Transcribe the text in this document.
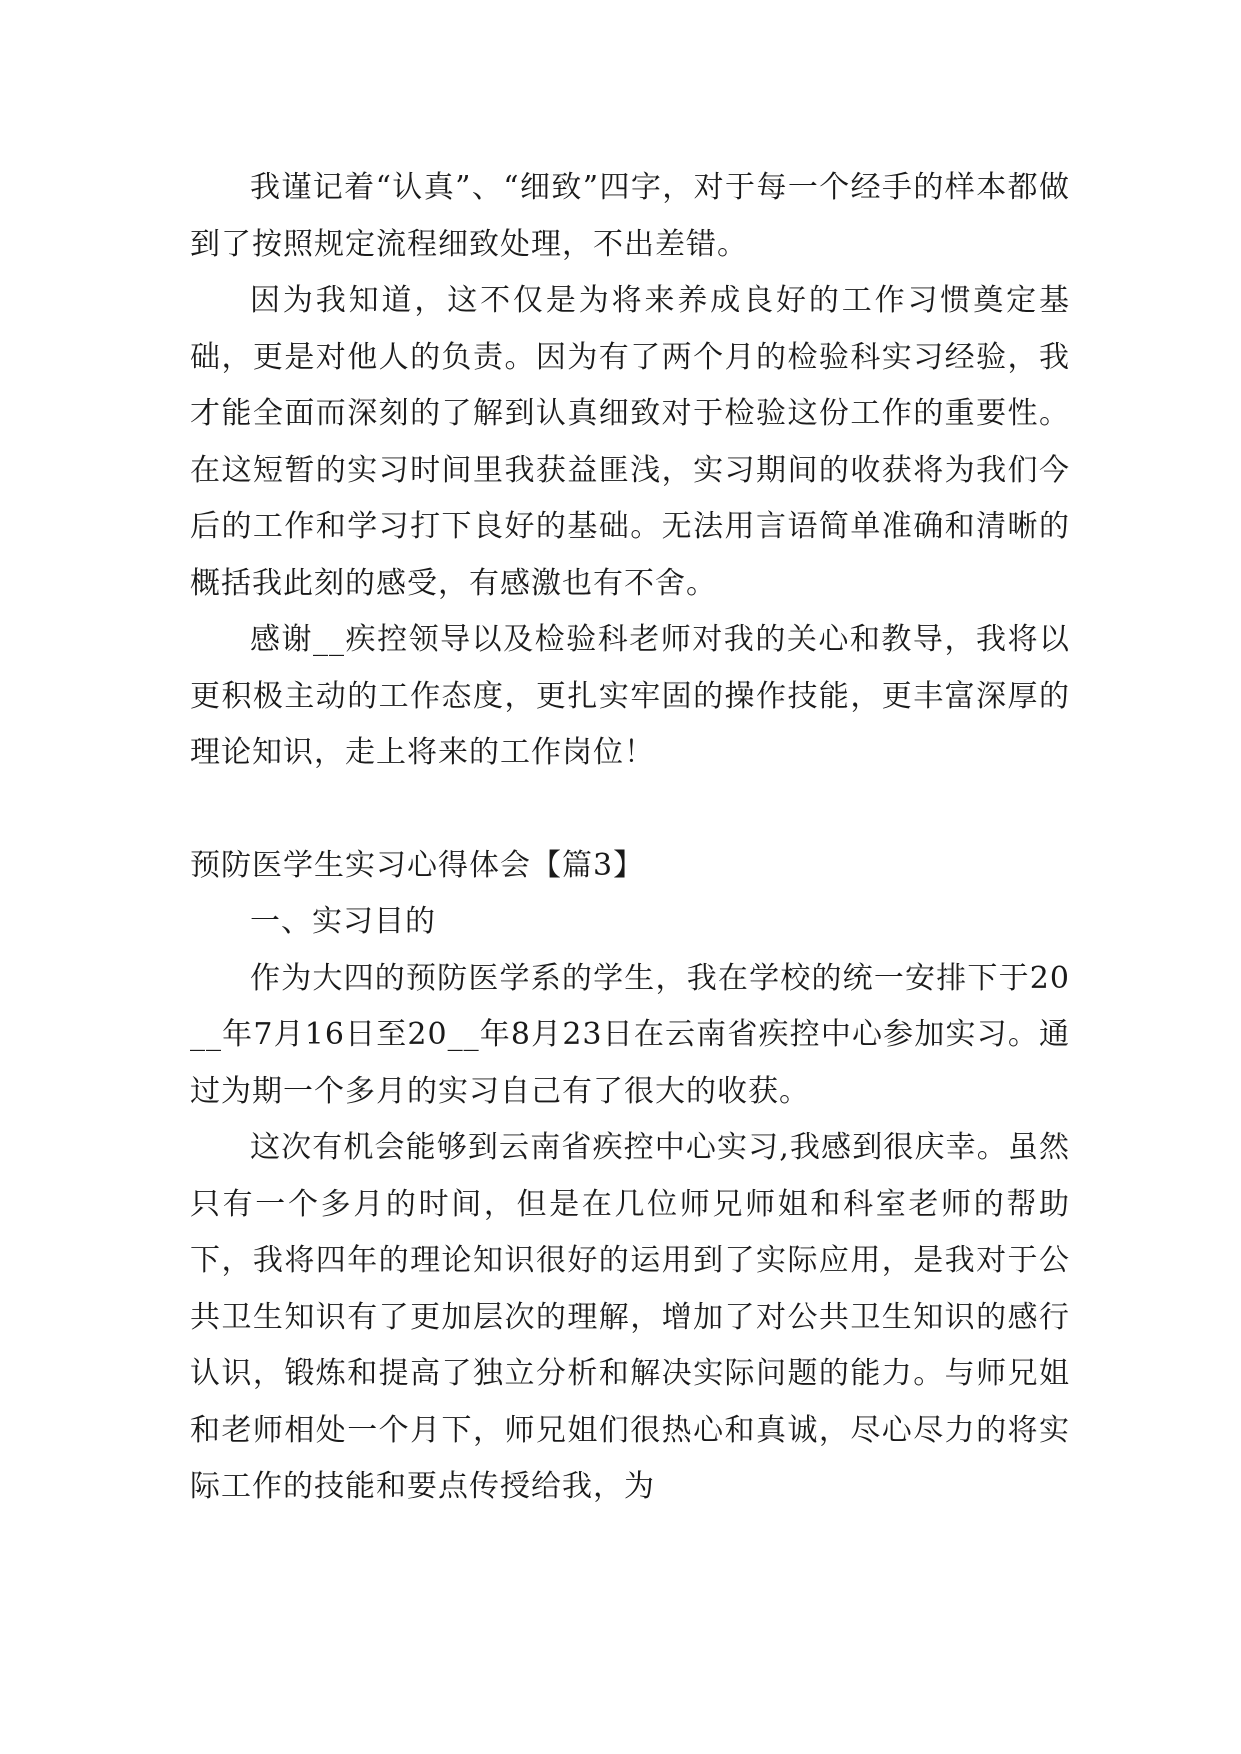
我谨记着“认真”、“细致”四字，对于每一个经手的样本都做到了按照规定流程细致处理，不出差错。

因为我知道，这不仅是为将来养成良好的工作习惯奠定基础，更是对他人的负责。因为有了两个月的检验科实习经验，我才能全面而深刻的了解到认真细致对于检验这份工作的重要性。在这短暂的实习时间里我获益匪浅，实习期间的收获将为我们今后的工作和学习打下良好的基础。无法用言语简单准确和清晰的概括我此刻的感受，有感激也有不舍。

感谢__疾控领导以及检验科老师对我的关心和教导，我将以更积极主动的工作态度，更扎实牢固的操作技能，更丰富深厚的理论知识，走上将来的工作岗位！

预防医学生实习心得体会【篇3】

一、实习目的

作为大四的预防医学系的学生，我在学校的统一安排下于20__年7月16日至20__年8月23日在云南省疾控中心参加实习。通过为期一个多月的实习自己有了很大的收获。

这次有机会能够到云南省疾控中心实习,我感到很庆幸。虽然只有一个多月的时间，但是在几位师兄师姐和科室老师的帮助下，我将四年的理论知识很好的运用到了实际应用，是我对于公共卫生知识有了更加层次的理解，增加了对公共卫生知识的感行认识，锻炼和提高了独立分析和解决实际问题的能力。与师兄姐和老师相处一个月下，师兄姐们很热心和真诚，尽心尽力的将实际工作的技能和要点传授给我，为
